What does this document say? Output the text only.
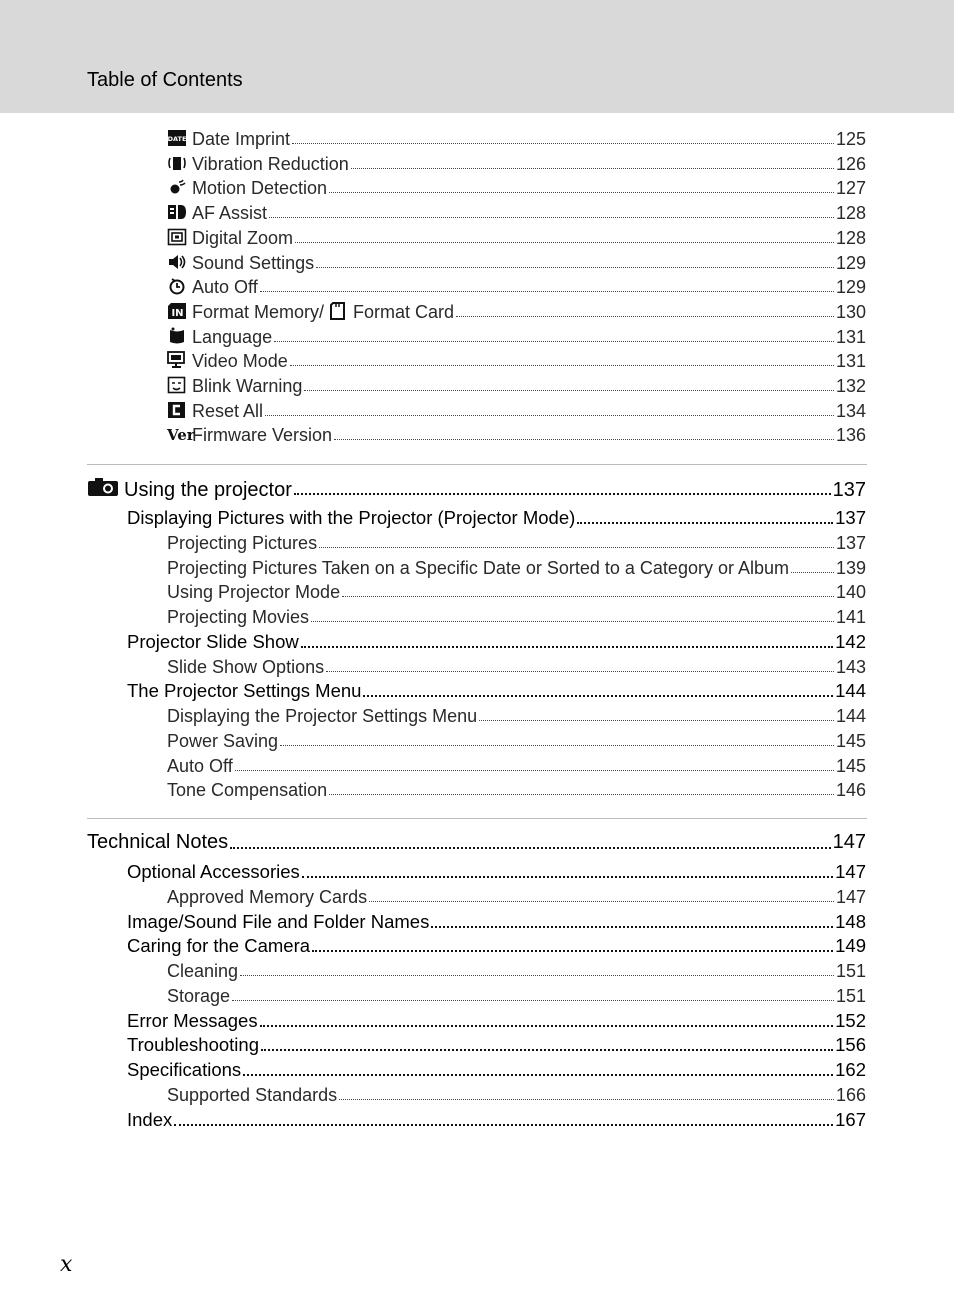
Table of Contents
DATE Date Imprint	125
Vibration Reduction	126
Motion Detection	127
AF Assist	128
Digital Zoom	128
Sound Settings	129
Auto Off	129
IN Format Memory/ Format Card	130
Language	131
Video Mode	131
Blink Warning	132
Reset All	134
Ver
Firmware Version	136
Using the projector	137
Displaying Pictures with the Projector (Projector Mode)	137
Projecting Pictures	137
Projecting Pictures Taken on a Specific Date or Sorted to a Category or Album	139
Using Projector Mode	140
Projecting Movies	141
Projector Slide Show	142
Slide Show Options	143
The Projector Settings Menu	144
Displaying the Projector Settings Menu	144
Power Saving	145
Auto Off	145
Tone Compensation	146
Technical Notes	147
Optional Accessories	147
Approved Memory Cards	147
Image/Sound File and Folder Names	148
Caring for the Camera	149
Cleaning	151
Storage	151
Error Messages	152
Troubleshooting	156
Specifications	162
Supported Standards	166
Index	167
x
